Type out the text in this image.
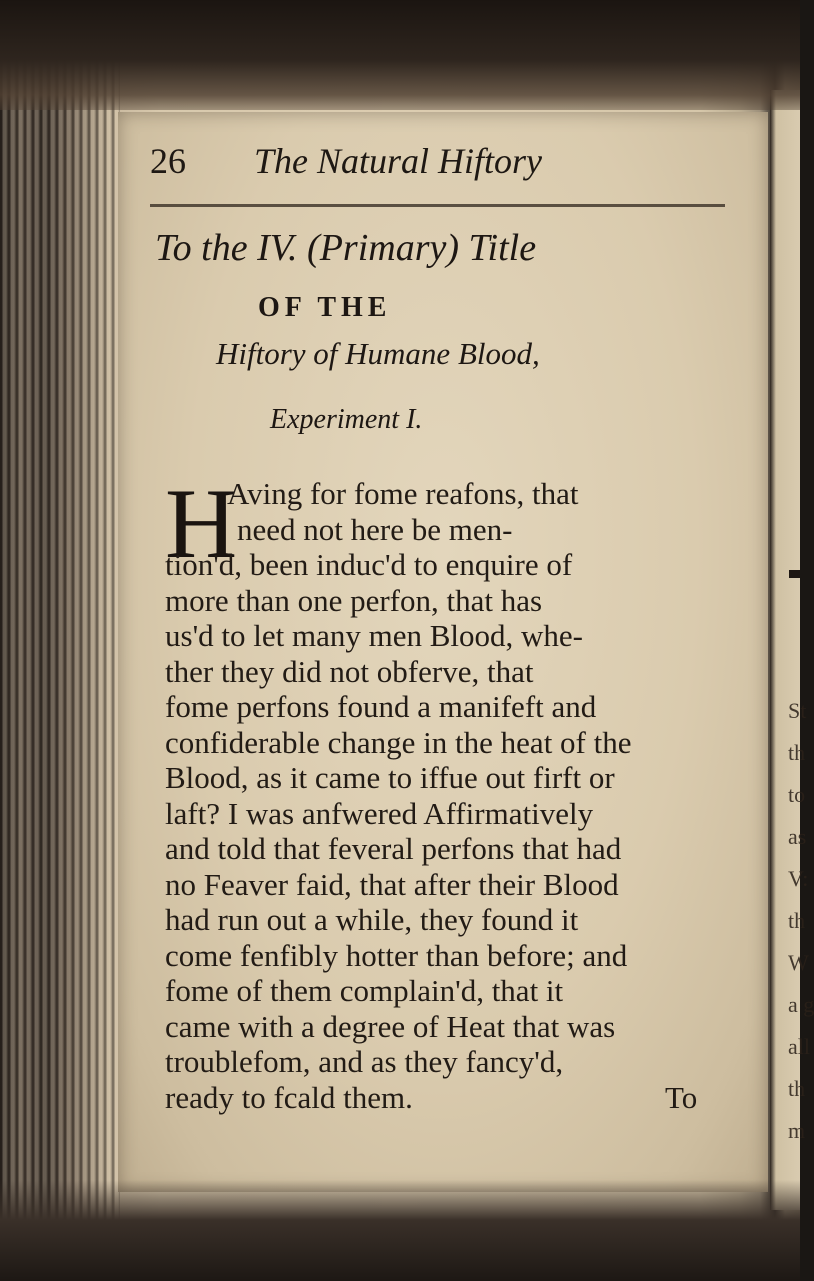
St
th
to
as
V:
th
W
a g
all
th
m
26 The Natural Hiftory
To the IV. (Primary) Title
OF THE
Hiftory of Humane Blood,
Experiment I.
H
Aving for fome reafons, that
need not here be men-
tion'd, been induc'd to enquire of
more than one perfon, that has
us'd to let many men Blood, whe-
ther they did not obferve, that
fome perfons found a manifeft and
confiderable change in the heat of the
Blood, as it came to iffue out firft or
laft? I was anfwered Affirmatively
and told that feveral perfons that had
no Feaver faid, that after their Blood
had run out a while, they found it
come fenfibly hotter than before; and
fome of them complain'd, that it
came with a degree of Heat that was
troublefom, and as they fancy'd,
ready to fcald them.	To
